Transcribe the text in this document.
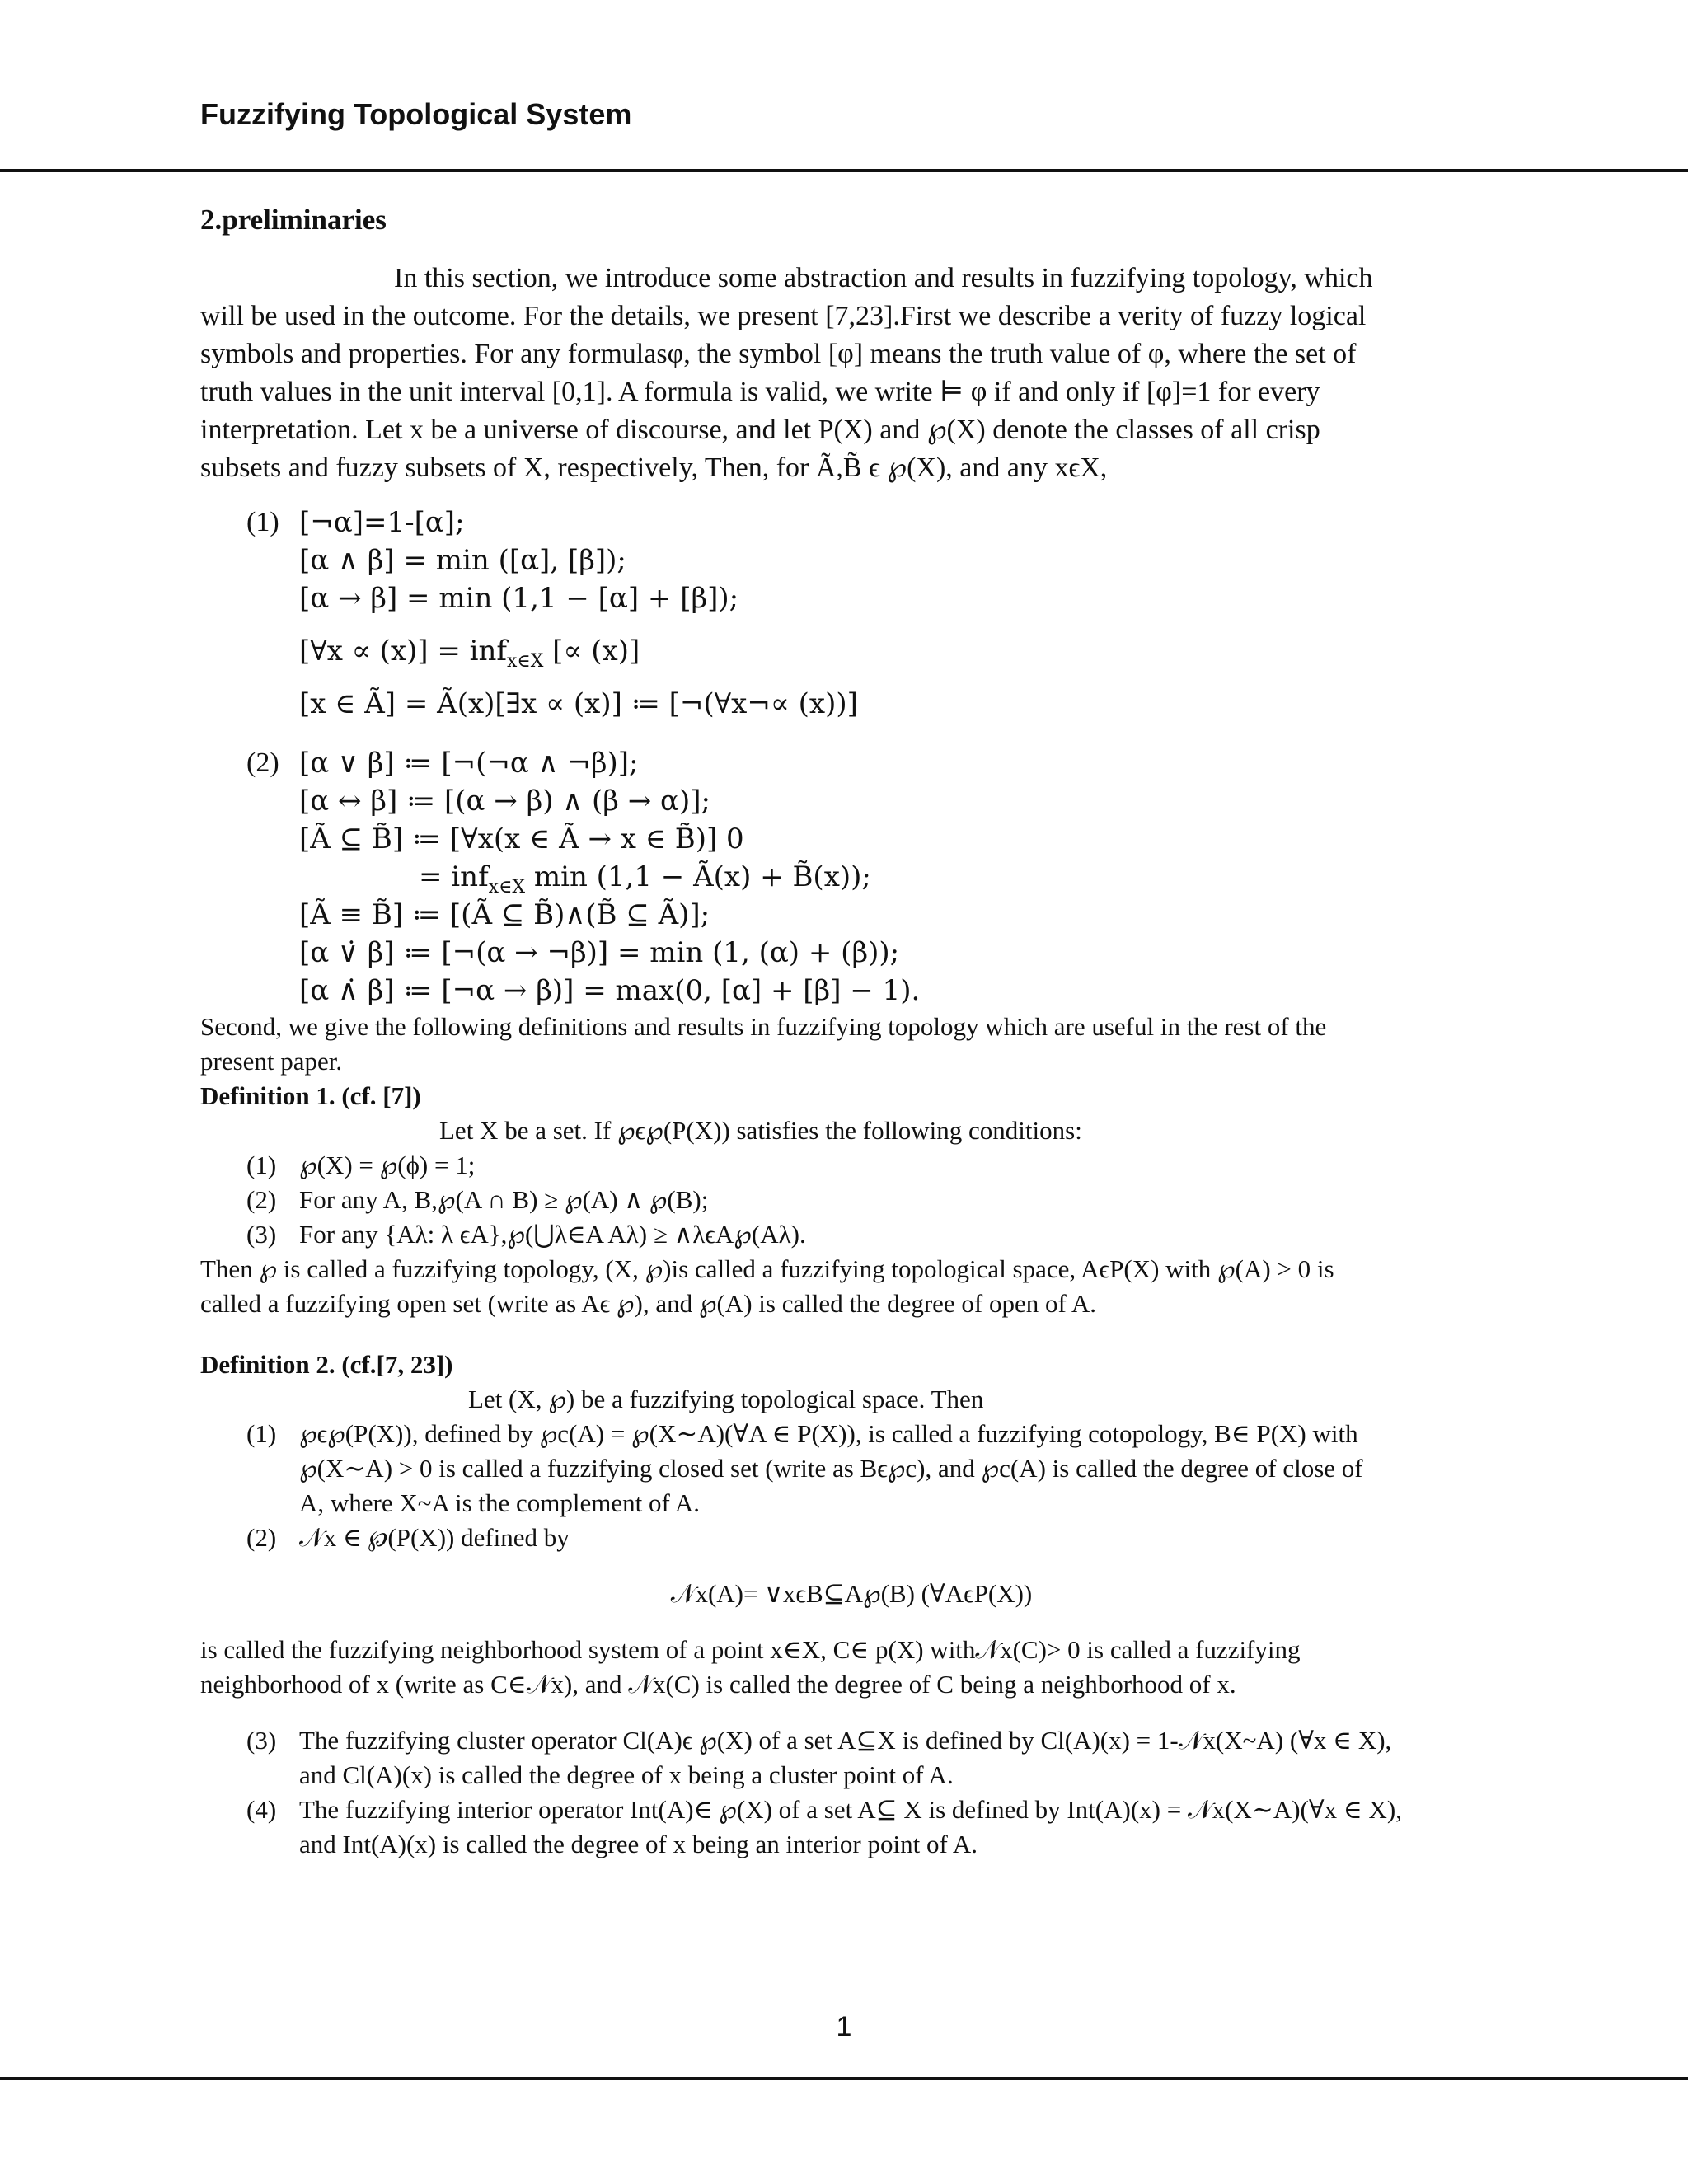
Fuzzifying Topological System
2.preliminaries
In this section, we introduce some abstraction and results in fuzzifying topology, which
will be used in the outcome. For the details, we present [7,23].First we describe a verity of fuzzy logical
symbols and properties. For any formulasφ, the symbol [φ] means the truth value of φ, where the set of
truth values in the unit interval [0,1]. A formula is valid, we write ⊨ φ if and only if [φ]=1 for every
interpretation. Let x be a universe of discourse, and let P(X) and ℘(X) denote the classes of all crisp
subsets and fuzzy subsets of X, respectively, Then, for Ã,B̃ ϵ ℘(X), and any xϵX,
(1) [¬α]=1-[α];
[α ∧ β] = min ([α], [β]);
[α → β] = min (1,1 − [α] + [β]);
[∀x ∝ (x)] = inf$_{x\in X}$ [∝ (x)]
[x ∈ Ã] = Ã(x)[∃x ∝ (x)] ≔ [¬(∀x¬∝ (x))]
(2) [α ∨ β] ≔ [¬(¬α ∧ ¬β)];
[α ↔ β] ≔ [(α → β) ∧ (β → α)];
[Ã ⊆ B̃] ≔ [∀x(x ∈ Ã → x ∈ B̃)] 0
= inf$_{x\in X}$ min (1,1 − Ã(x) + B̃(x));
[Ã ≡ B̃] ≔ [(Ã ⊆ B̃)∧(B̃ ⊆ Ã)];
[α ∨̇ β] ≔ [¬(α → ¬β)] = min (1, (α) + (β));
[α ∧̇ β] ≔ [¬α → β)] = max(0, [α] + [β] − 1).
Second, we give the following definitions and results in fuzzifying topology which are useful in the rest of the
present paper.
Definition 1. (cf. [7])
Let X be a set. If ℘ϵ℘(P(X)) satisfies the following conditions:
(1) ℘(X) = ℘(ϕ) = 1;
(2) For any A, B,℘(A ∩ B) ≥ ℘(A) ∧ ℘(B);
(3) For any {Aλ: λ ϵA},℘(⋃λ∈A Aλ) ≥ ∧λϵA℘(Aλ).
Then ℘ is called a fuzzifying topology, (X, ℘)is called a fuzzifying topological space, AϵP(X) with ℘(A) > 0 is
called a fuzzifying open set (write as Aϵ ℘), and ℘(A) is called the degree of open of A.
Definition 2. (cf.[7, 23])
Let (X, ℘) be a fuzzifying topological space. Then
(1) ℘ϵ℘(P(X)), defined by ℘c(A) = ℘(X∼A)(∀A ∈ P(X)), is called a fuzzifying cotopology, B∈ P(X) with
℘(X∼A) > 0 is called a fuzzifying closed set (write as Bϵ℘c), and ℘c(A) is called the degree of close of
A, where X~A is the complement of A.
(2) 𝒩x ∈ ℘(P(X)) defined by
𝒩x(A)= ∨xϵB⊆A℘(B) (∀AϵP(X))
is called the fuzzifying neighborhood system of a point x∈X, C∈ p(X) with𝒩x(C)> 0 is called a fuzzifying
neighborhood of x (write as C∈𝒩x), and 𝒩x(C) is called the degree of C being a neighborhood of x.
(3) The fuzzifying cluster operator Cl(A)ϵ ℘(X) of a set A⊆X is defined by Cl(A)(x) = 1-𝒩x(X~A) (∀x ∈ X),
and Cl(A)(x) is called the degree of x being a cluster point of A.
(4) The fuzzifying interior operator Int(A)∈ ℘(X) of a set A⊆ X is defined by Int(A)(x) = 𝒩x(X∼A)(∀x ∈ X),
and Int(A)(x) is called the degree of x being an interior point of A.
1
